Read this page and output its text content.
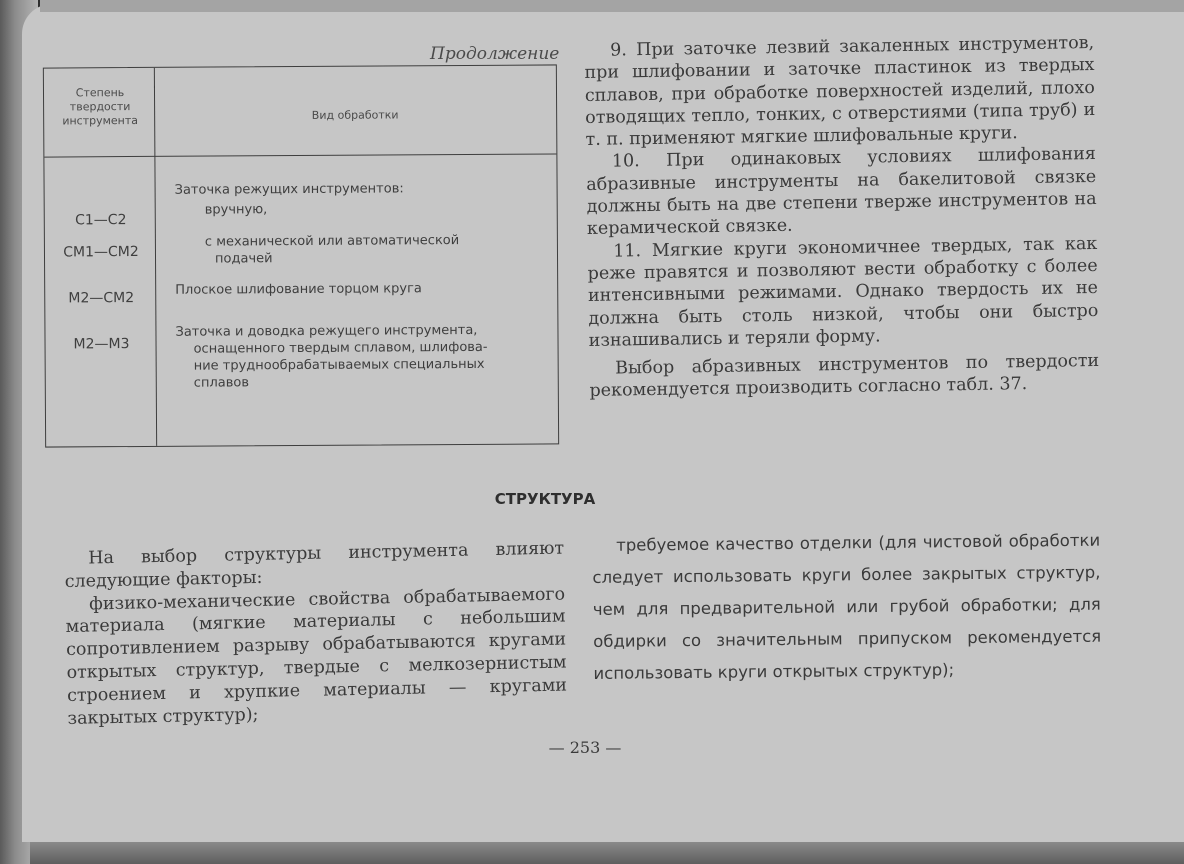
Продолжение
Степень
твердости
инструмента	Вид обработки
Заточка режущих инструментов:
С1—С2
вручную,
СМ1—СМ2
с механической или автоматической
подачей
М2—СМ2
Плоское шлифование торцом круга
М2—М3
Заточка и доводка режущего инструмента,
оснащенного твердым сплавом, шлифова-
ние труднообрабатываемых специальных
сплавов

9. При заточке лезвий закаленных инструментов, при шлифовании и заточке пластинок из твердых сплавов, при обработке поверхностей изделий, плохо отводящих тепло, тонких, с отверстиями (типа труб) и т. п. применяют мягкие шлифовальные круги.

10. При одинаковых условиях шлифования абразивные инструменты на бакелитовой связке должны быть на две степени тверже инструментов на керамической связке.

11. Мягкие круги экономичнее твердых, так как реже правятся и позволяют вести обработку с более интенсивными режимами. Однако твердость их не должна быть столь низкой, чтобы они быстро изнашивались и теряли форму.

Выбор абразивных инструментов по твердости рекомендуется производить согласно табл. 37.

СТРУКТУРА

На выбор структуры инструмента влияют следующие факторы:

физико-механические свойства обрабатываемого материала (мягкие материалы с небольшим сопротивлением разрыву обрабатываются кругами открытых структур, твердые с мелкозернистым строением и хрупкие материалы — кругами закрытых структур);

требуемое качество отделки (для чистовой обработки следует использовать круги более закрытых структур, чем для предварительной или грубой обработки; для обдирки со значительным припуском рекомендуется использовать круги открытых структур);

— 253 —
